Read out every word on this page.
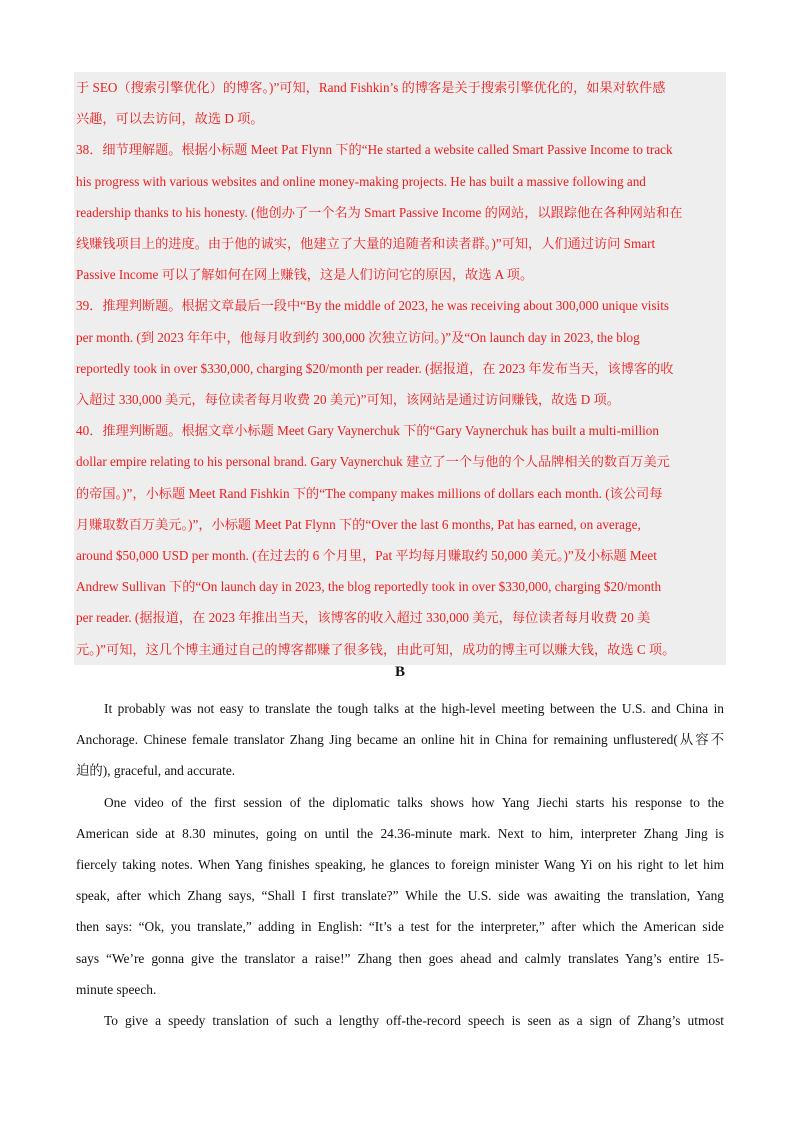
于 SEO（搜索引擎优化）的博客。)”可知，Rand Fishkin’s 的博客是关于搜索引擎优化的，如果对软件感
兴趣，可以去访问，故选 D 项。
38．细节理解题。根据小标题 Meet Pat Flynn 下的“He started a website called Smart Passive Income to track
his progress with various websites and online money-making projects. He has built a massive following and
readership thanks to his honesty. (他创办了一个名为 Smart Passive Income 的网站，以跟踪他在各种网站和在
线赚钱项目上的进度。由于他的诚实，他建立了大量的追随者和读者群。)”可知，人们通过访问 Smart
Passive Income 可以了解如何在网上赚钱，这是人们访问它的原因，故选 A 项。
39．推理判断题。根据文章最后一段中“By the middle of 2023, he was receiving about 300,000 unique visits
per month. (到 2023 年年中，他每月收到约 300,000 次独立访问。)”及“On launch day in 2023, the blog
reportedly took in over $330,000, charging $20/month per reader. (据报道，在 2023 年发布当天，该博客的收
入超过 330,000 美元，每位读者每月收费 20 美元)”可知，该网站是通过访问赚钱，故选 D 项。
40．推理判断题。根据文章小标题 Meet Gary Vaynerchuk 下的“Gary Vaynerchuk has built a multi-million
dollar empire relating to his personal brand. Gary Vaynerchuk 建立了一个与他的个人品牌相关的数百万美元
的帝国。)”，小标题 Meet Rand Fishkin 下的“The company makes millions of dollars each month. (该公司每
月赚取数百万美元。)”，小标题 Meet Pat Flynn 下的“Over the last 6 months, Pat has earned, on average,
around $50,000 USD per month. (在过去的 6 个月里，Pat 平均每月赚取约 50,000 美元。)”及小标题 Meet
Andrew Sullivan 下的“On launch day in 2023, the blog reportedly took in over $330,000, charging $20/month
per reader. (据报道，在 2023 年推出当天，该博客的收入超过 330,000 美元，每位读者每月收费 20 美
元。)”可知，这几个博主通过自己的博客都赚了很多钱，由此可知，成功的博主可以赚大钱，故选 C 项。
B

It probably was not easy to translate the tough talks at the high-level meeting between the U.S. and China in
Anchorage. Chinese female translator Zhang Jing became an online hit in China for remaining unflustered(从容不
迫的), graceful, and accurate.

One video of the first session of the diplomatic talks shows how Yang Jiechi starts his response to the
American side at 8.30 minutes, going on until the 24.36-minute mark. Next to him, interpreter Zhang Jing is
fiercely taking notes. When Yang finishes speaking, he glances to foreign minister Wang Yi on his right to let him
speak, after which Zhang says, “Shall I first translate?” While the U.S. side was awaiting the translation, Yang
then says: “Ok, you translate,” adding in English: “It’s a test for the interpreter,” after which the American side
says “We’re gonna give the translator a raise!” Zhang then goes ahead and calmly translates Yang’s entire 15-
minute speech.

To give a speedy translation of such a lengthy off-the-record speech is seen as a sign of Zhang’s utmost
